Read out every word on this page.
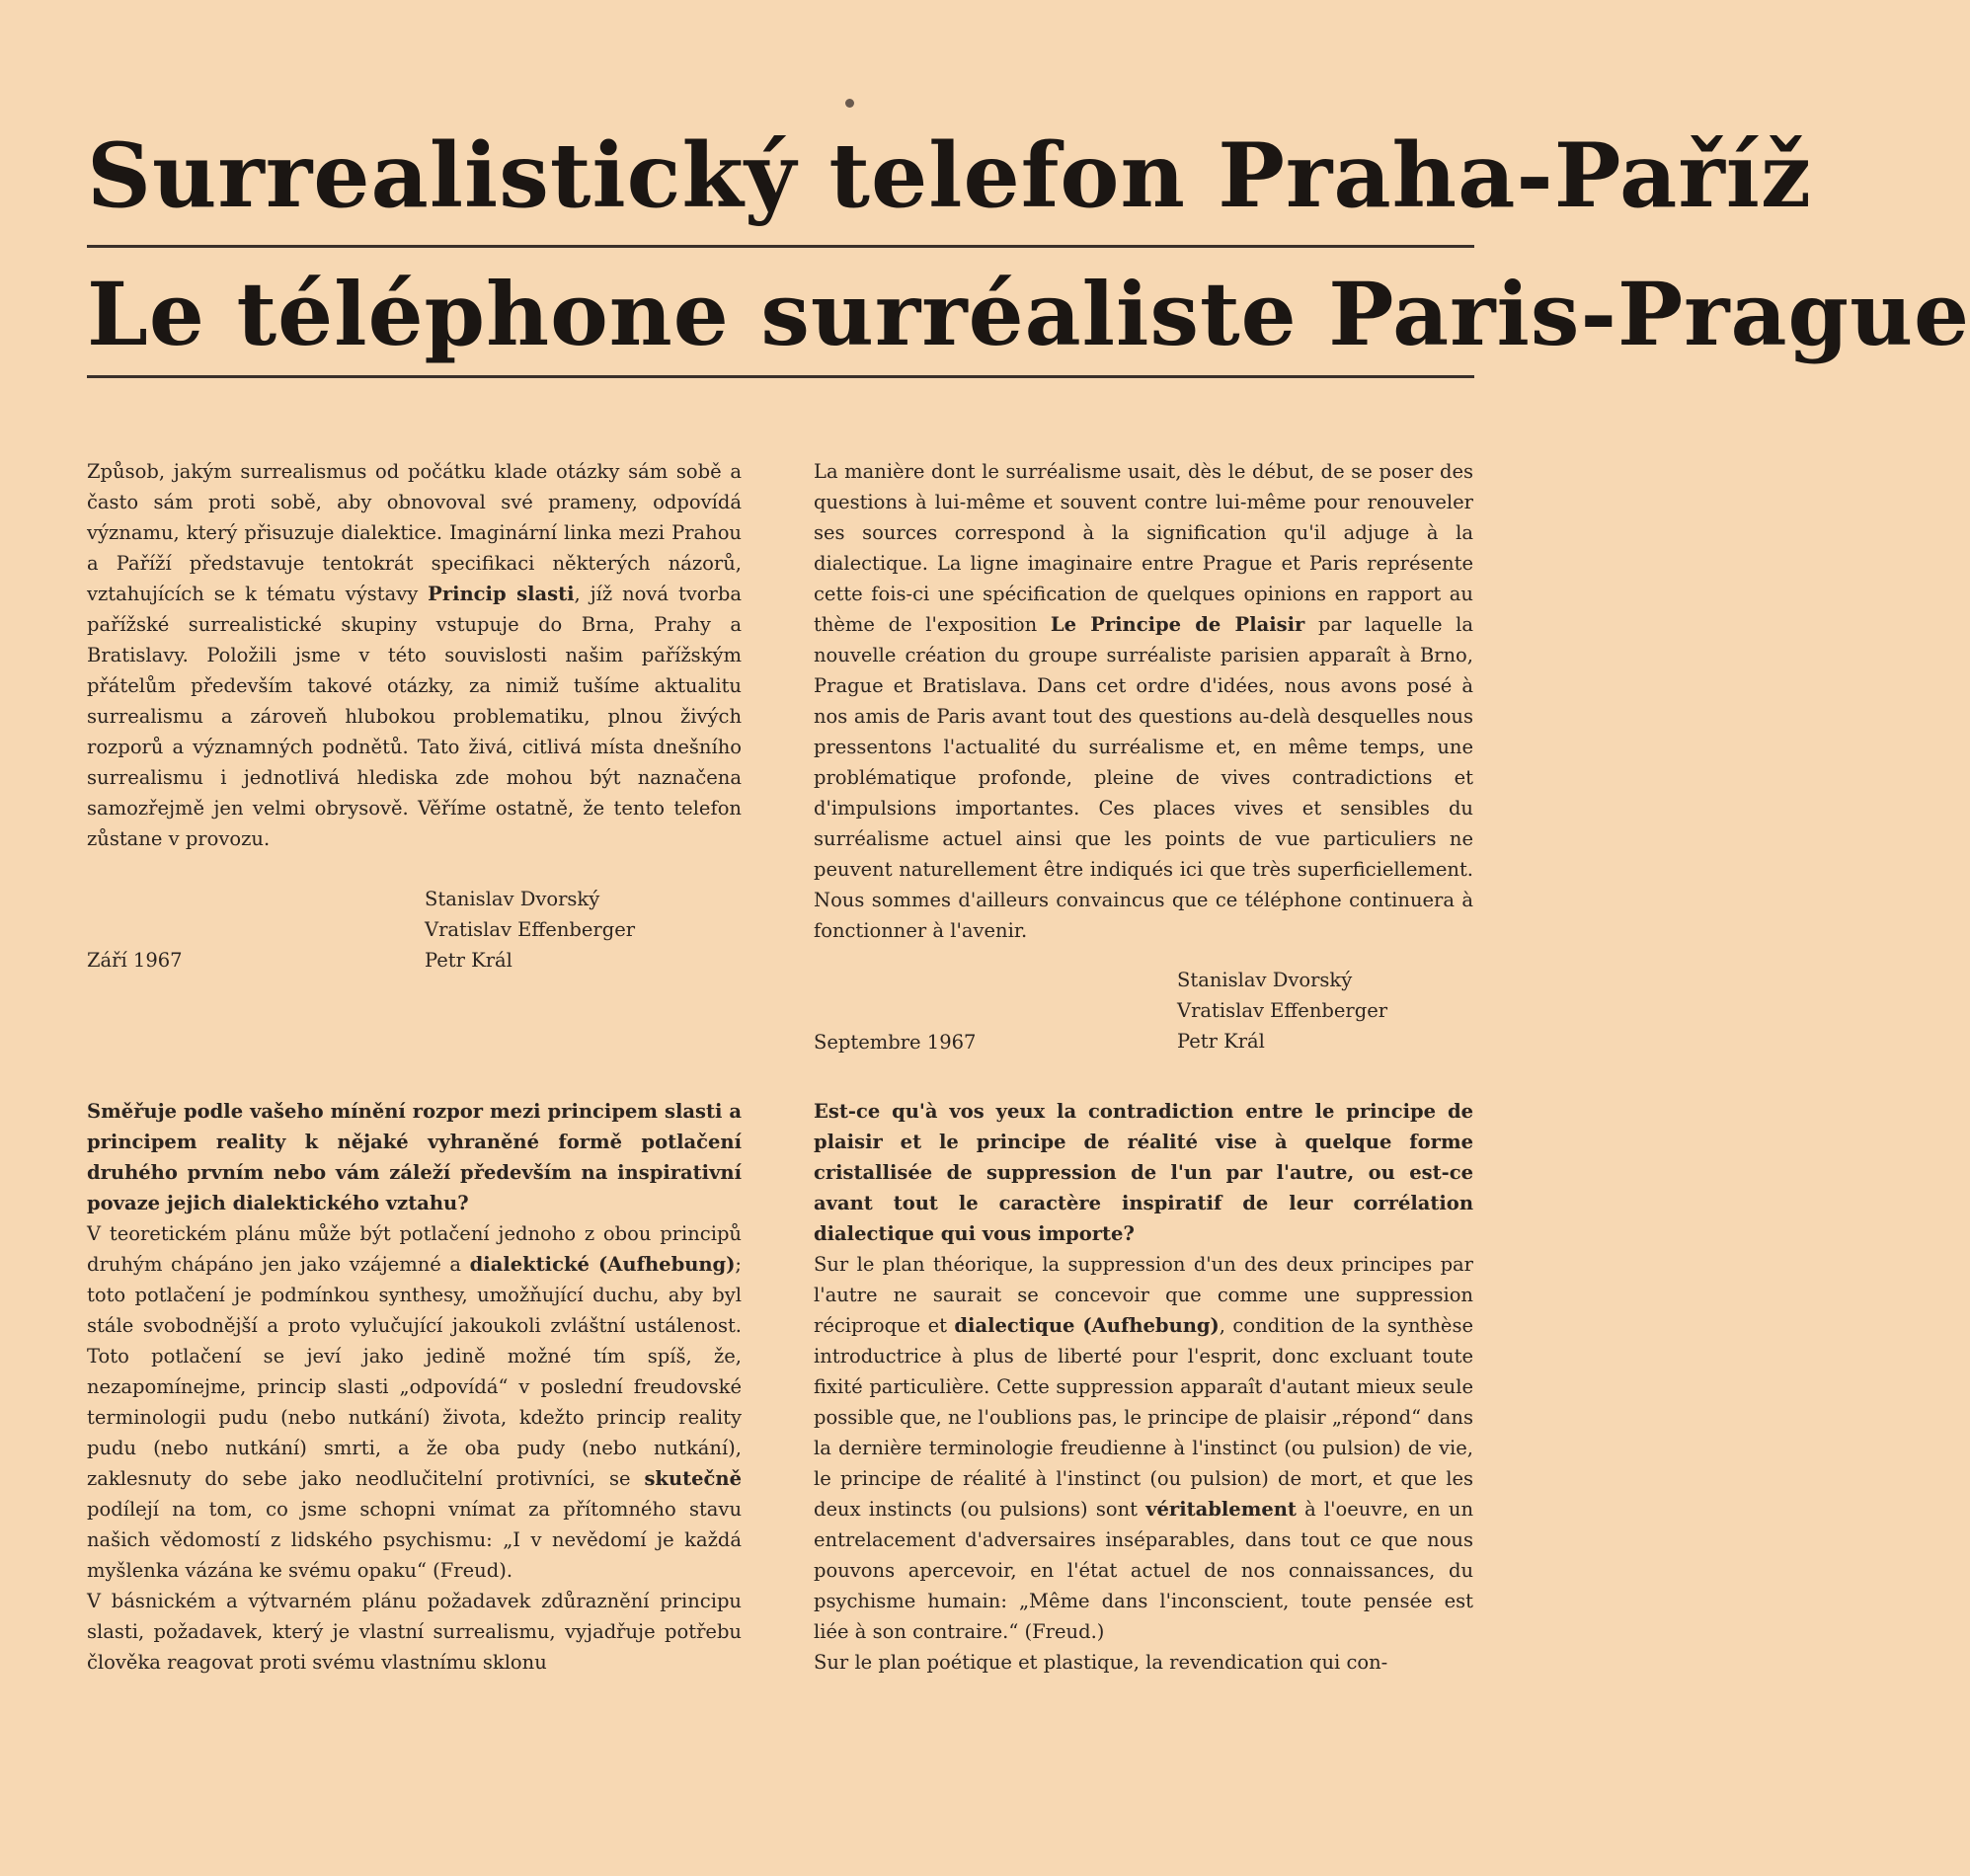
Surrealistický telefon Praha-Paříž
Le téléphone surréaliste Paris-Prague

Způsob, jakým surrealismus od počátku klade otázky sám sobě a často sám proti sobě, aby obnovoval své prameny, odpovídá významu, který přisuzuje dialektice. Imaginární linka mezi Prahou a Paříží představuje tentokrát specifikaci některých názorů, vztahujících se k tématu výstavy Princip slasti, jíž nová tvorba pařížské surrealistické skupiny vstupuje do Brna, Prahy a Bratislavy. Položili jsme v této souvislosti našim pařížským přátelům především takové otázky, za nimiž tušíme aktualitu surrealismu a zároveň hlubokou problematiku, plnou živých rozporů a významných podnětů. Tato živá, citlivá místa dnešního surrealismu i jednotlivá hlediska zde mohou být naznačena samozřejmě jen velmi obrysově. Věříme ostatně, že tento telefon zůstane v provozu.

Stanislav Dvorský
Vratislav Effenberger
Petr Král
Září 1967

La manière dont le surréalisme usait, dès le début, de se poser des questions à lui-même et souvent contre lui-même pour renouveler ses sources correspond à la signification qu'il adjuge à la dialectique. La ligne imaginaire entre Prague et Paris représente cette fois-ci une spécification de quelques opinions en rapport au thème de l'exposition Le Principe de Plaisir par laquelle la nouvelle création du groupe surréaliste parisien apparaît à Brno, Prague et Bratislava. Dans cet ordre d'idées, nous avons posé à nos amis de Paris avant tout des questions au-delà desquelles nous pressentons l'actualité du surréalisme et, en même temps, une problématique profonde, pleine de vives contradictions et d'impulsions importantes. Ces places vives et sensibles du surréalisme actuel ainsi que les points de vue particuliers ne peuvent naturellement être indiqués ici que très superficiellement. Nous sommes d'ailleurs convaincus que ce téléphone continuera à fonctionner à l'avenir.

Stanislav Dvorský
Vratislav Effenberger
Petr Král
Septembre 1967

Směřuje podle vašeho mínění rozpor mezi principem slasti a principem reality k nějaké vyhraněné formě potlačení druhého prvním nebo vám záleží především na inspirativní povaze jejich dialektického vztahu?

V teoretickém plánu může být potlačení jednoho z obou principů druhým chápáno jen jako vzájemné a dialektické (Aufhebung); toto potlačení je podmínkou synthesy, umožňující duchu, aby byl stále svobodnější a proto vylučující jakoukoli zvláštní ustálenost. Toto potlačení se jeví jako jedině možné tím spíš, že, nezapomínejme, princip slasti „odpovídá“ v poslední freudovské terminologii pudu (nebo nutkání) života, kdežto princip reality pudu (nebo nutkání) smrti, a že oba pudy (nebo nutkání), zaklesnuty do sebe jako neodlučitelní protivníci, se skutečně podílejí na tom, co jsme schopni vnímat za přítomného stavu našich vědomostí z lidského psychismu: „I v nevědomí je každá myšlenka vázána ke svému opaku“ (Freud).

V básnickém a výtvarném plánu požadavek zdůraznění principu slasti, požadavek, který je vlastní surrealismu, vyjadřuje potřebu člověka reagovat proti svému vlastnímu sklonu

Est-ce qu'à vos yeux la contradiction entre le principe de plaisir et le principe de réalité vise à quelque forme cristallisée de suppression de l'un par l'autre, ou est-ce avant tout le caractère inspiratif de leur corrélation dialectique qui vous importe?

Sur le plan théorique, la suppression d'un des deux principes par l'autre ne saurait se concevoir que comme une suppression réciproque et dialectique (Aufhebung), condition de la synthèse introductrice à plus de liberté pour l'esprit, donc excluant toute fixité particulière. Cette suppression apparaît d'autant mieux seule possible que, ne l'oublions pas, le principe de plaisir „répond“ dans la dernière terminologie freudienne à l'instinct (ou pulsion) de vie, le principe de réalité à l'instinct (ou pulsion) de mort, et que les deux instincts (ou pulsions) sont véritablement à l'oeuvre, en un entrelacement d'adversaires inséparables, dans tout ce que nous pouvons apercevoir, en l'état actuel de nos connaissances, du psychisme humain: „Même dans l'inconscient, toute pensée est liée à son contraire.“ (Freud.)

Sur le plan poétique et plastique, la revendication qui con-
